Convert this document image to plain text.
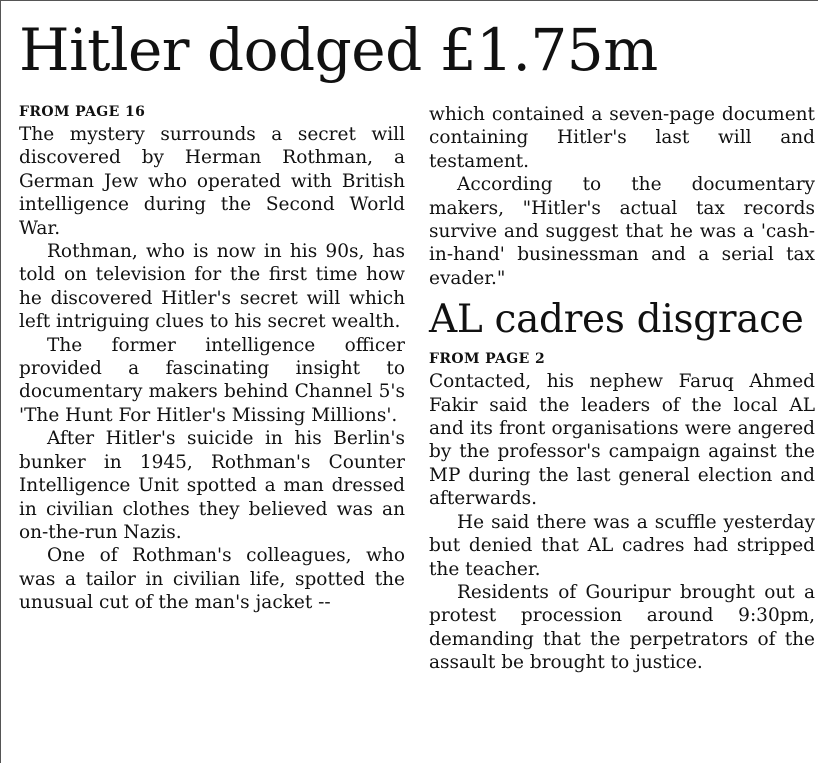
Hitler dodged £1.75m
FROM PAGE 16

The mystery surrounds a secret will discovered by Herman Rothman, a German Jew who operated with British intelligence during the Second World War.

Rothman, who is now in his 90s, has told on television for the first time how he discovered Hitler's secret will which left intriguing clues to his secret wealth.

The former intelligence officer provided a fascinating insight to documentary makers behind Channel 5's 'The Hunt For Hitler's Missing Millions'.

After Hitler's suicide in his Berlin's bunker in 1945, Rothman's Counter Intelligence Unit spotted a man dressed in civilian clothes they believed was an on-the-run Nazis.

One of Rothman's colleagues, who was a tailor in civilian life, spotted the unusual cut of the man's jacket --

which contained a seven-page document containing Hitler's last will and testament.

According to the documentary makers, "Hitler's actual tax records survive and suggest that he was a 'cash-in-hand' businessman and a serial tax evader."

AL cadres disgrace
FROM PAGE 2

Contacted, his nephew Faruq Ahmed Fakir said the leaders of the local AL and its front organisations were angered by the professor's campaign against the MP during the last general election and afterwards.

He said there was a scuffle yesterday but denied that AL cadres had stripped the teacher.

Residents of Gouripur brought out a protest procession around 9:30pm, demanding that the perpetrators of the assault be brought to justice.
